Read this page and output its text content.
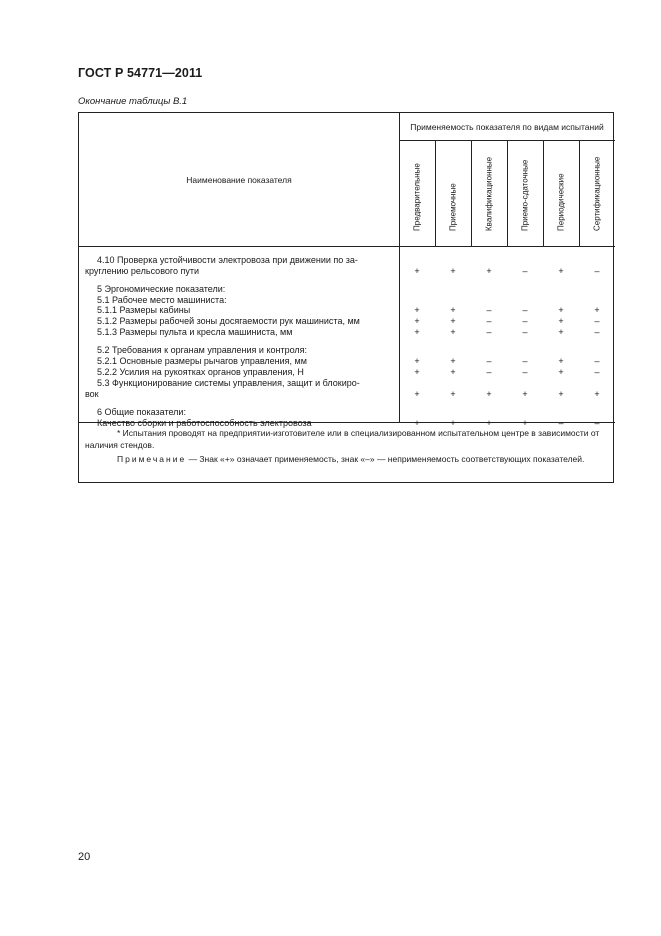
ГОСТ Р 54771—2011
Окончание таблицы В.1
Наименование показателя
Применяемость показателя по видам испытаний
Предварительные	Приемочные	Квалификационные	Приемо-сдаточные	Периодические	Сертификационные
4.10 Проверка устойчивости электровоза при движении по за-
круглению рельсового пути	+	+	+	–	+	–
5 Эргономические показатели:
5.1 Рабочее место машиниста:
5.1.1 Размеры кабины	+	+	–	–	+	+
5.1.2 Размеры рабочей зоны досягаемости рук машиниста, мм	+	+	–	–	+	–
5.1.3 Размеры пульта и кресла машиниста, мм	+	+	–	–	+	–
5.2 Требования к органам управления и контроля:
5.2.1 Основные размеры рычагов управления, мм	+	+	–	–	+	–
5.2.2 Усилия на рукоятках органов управления, Н	+	+	–	–	+	–
5.3 Функционирование системы управления, защит и блокиро-
вок	+	+	+	+	+	+
6 Общие показатели:
Качество сборки и работоспособность электровоза	+	+	+	+	–	–

* Испытания проводят на предприятии-изготовителе или в специализированном испытательном центре в зависимости от наличия стендов.

Примечание — Знак «+» означает применяемость, знак «–» — неприменяемость соответствующих показателей.

20
